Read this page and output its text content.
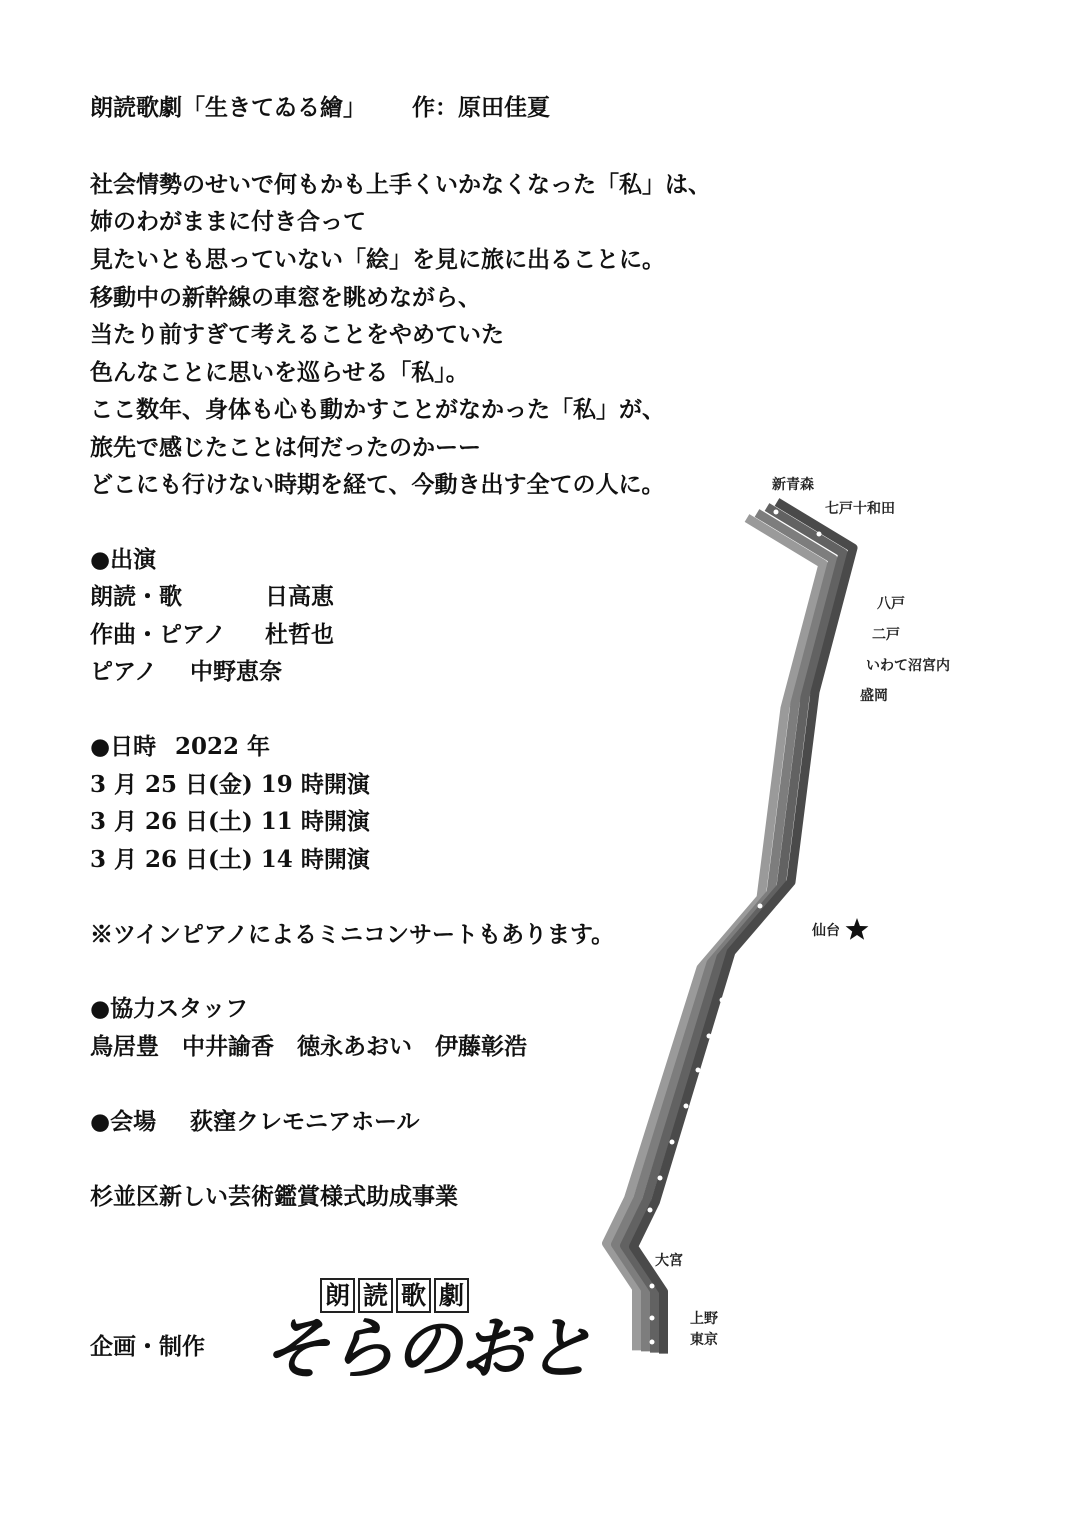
朗読歌劇「生きてゐる繪」 作：原田佳夏
社会情勢のせいで何もかも上手くいかなくなった「私」は、
姉のわがままに付き合って
見たいとも思っていない「絵」を見に旅に出ることに。
移動中の新幹線の車窓を眺めながら、
当たり前すぎて考えることをやめていた
色んなことに思いを巡らせる「私」。
ここ数年、身体も心も動かすことがなかった「私」が、
旅先で感じたことは何だったのかーー
どこにも行けない時期を経て、今動き出す全ての人に。
●出演
朗読・歌	日高恵
作曲・ピアノ 杜哲也
ピアノ 中野恵奈
●日時 2022 年
3 月 25 日(金) 19 時開演
3 月 26 日(土) 11 時開演
3 月 26 日(土) 14 時開演
※ツインピアノによるミニコンサートもあります。
●協力スタッフ
鳥居豊　中井諭香　徳永あおい　伊藤彰浩
●会場 荻窪クレモニアホール
杉並区新しい芸術鑑賞様式助成事業
企画・制作
朗 読 歌 劇
そらのおと
新青森
七戸十和田
八戸
二戸
いわて沼宮内
盛岡
仙台
大宮
上野
東京
